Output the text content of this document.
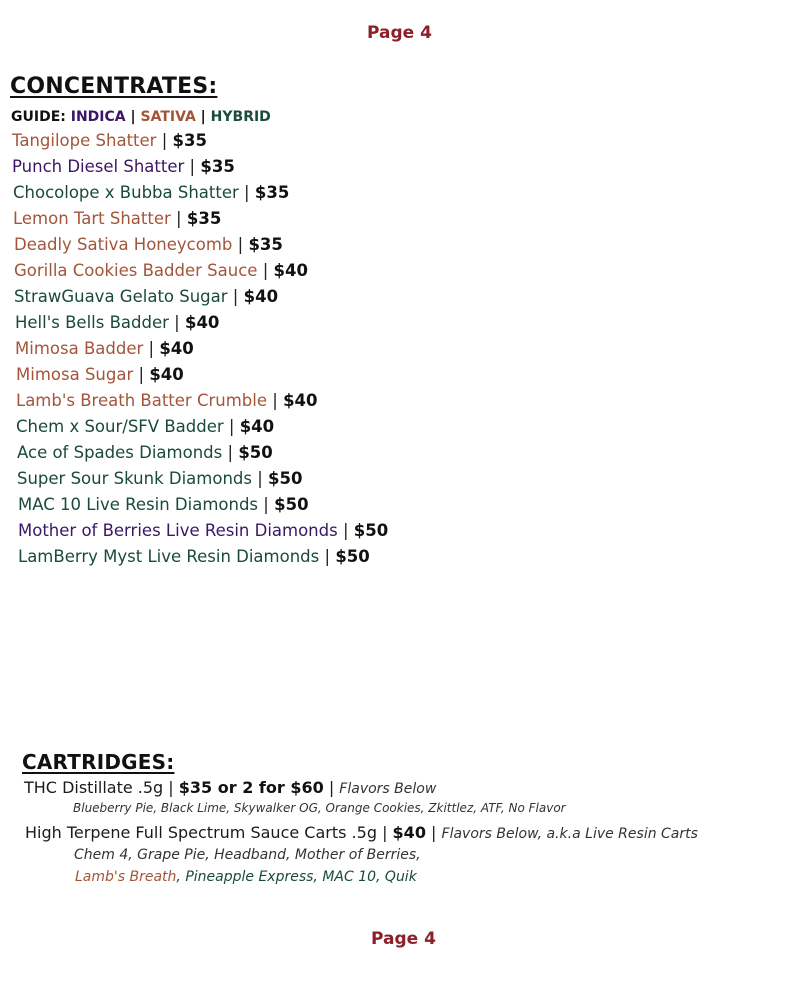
Page 4
CONCENTRATES:
GUIDE: INDICA | SATIVA | HYBRID
Tangilope Shatter | $35
Punch Diesel Shatter | $35
Chocolope x Bubba Shatter | $35
Lemon Tart Shatter | $35
Deadly Sativa Honeycomb | $35
Gorilla Cookies Badder Sauce | $40
StrawGuava Gelato Sugar | $40
Hell's Bells Badder | $40
Mimosa Badder | $40
Mimosa Sugar | $40
Lamb's Breath Batter Crumble | $40
Chem x Sour/SFV Badder | $40
Ace of Spades Diamonds | $50
Super Sour Skunk Diamonds | $50
MAC 10 Live Resin Diamonds | $50
Mother of Berries Live Resin Diamonds | $50
LamBerry Myst Live Resin Diamonds | $50
CARTRIDGES:
THC Distillate .5g | $35 or 2 for $60 | Flavors Below
Blueberry Pie, Black Lime, Skywalker OG, Orange Cookies, Zkittlez, ATF, No Flavor
High Terpene Full Spectrum Sauce Carts .5g | $40 | Flavors Below, a.k.a Live Resin Carts
Chem 4, Grape Pie, Headband, Mother of Berries,
Lamb's Breath, Pineapple Express, MAC 10, Quik
Page 4
